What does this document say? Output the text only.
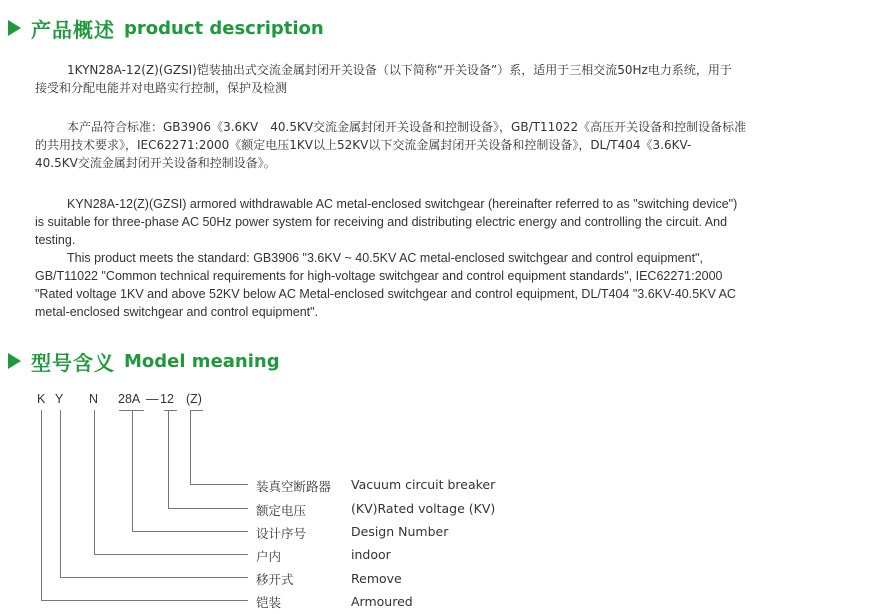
产品概述 product description
1KYN28A-12(Z)(GZSI)铠装抽出式交流金属封闭开关设备（以下简称“开关设备”）系，适用于三相交流50Hz电力系统，用于
接受和分配电能并对电路实行控制，保护及检测
本产品符合标准：GB3906《3.6KV　40.5KV交流金属封闭开关设备和控制设备》，GB/T11022《高压开关设备和控制设备标准
的共用技术要求》，IEC62271:2000《额定电压1KV以上52KV以下交流金属封闭开关设备和控制设备》，DL/T404《3.6KV-
40.5KV交流金属封闭开关设备和控制设备》。
KYN28A-12(Z)(GZSI) armored withdrawable AC metal-enclosed switchgear (hereinafter referred to as "switching device")
is suitable for three-phase AC 50Hz power system for receiving and distributing electric energy and controlling the circuit. And
testing.
This product meets the standard: GB3906 "3.6KV ~ 40.5KV AC metal-enclosed switchgear and control equipment",
GB/T11022 "Common technical requirements for high-voltage switchgear and control equipment standards", IEC62271:2000
"Rated voltage 1KV and above 52KV below AC Metal-enclosed switchgear and control equipment, DL/T404 "3.6KV-40.5KV AC
metal-enclosed switchgear and control equipment".
型号含义 Model meaning
K Y N 28A — 12 (Z)
装真空断路器 Vacuum circuit breaker
额定电压	(KV)Rated voltage (KV)
设计序号	Design Number
户内	indoor
移开式	Remove
铠装	Armoured
